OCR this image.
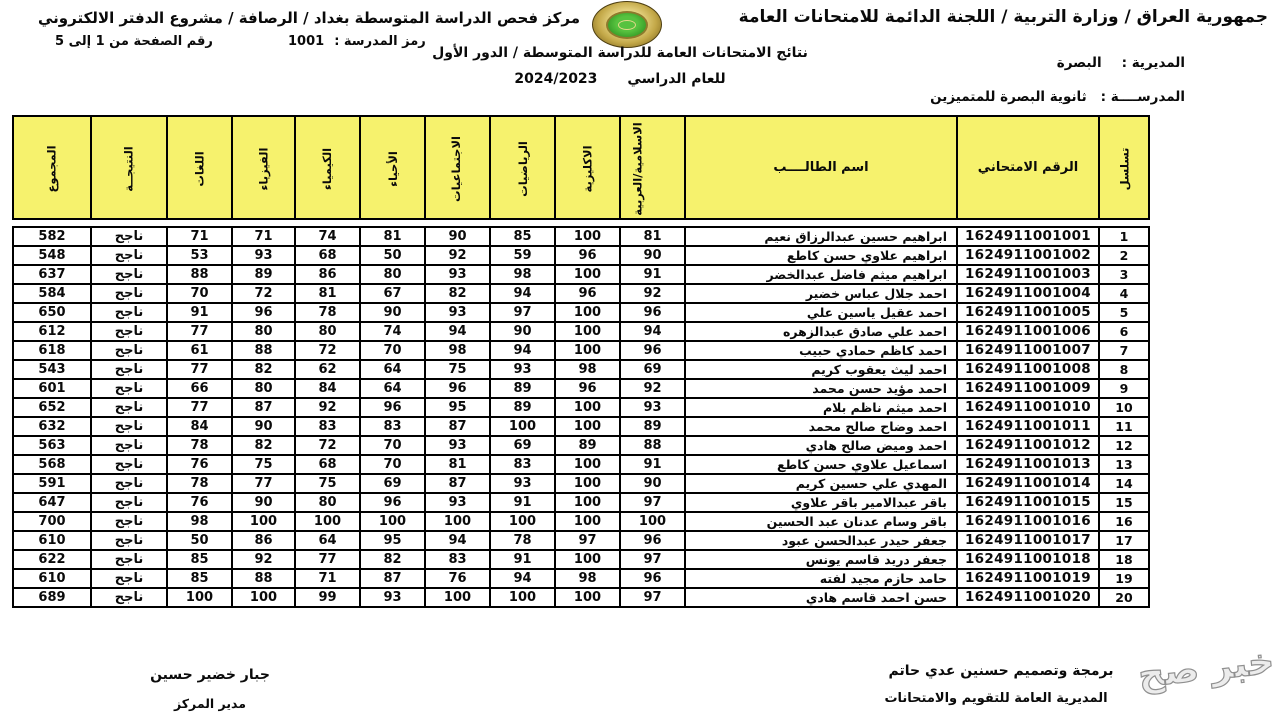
جمهورية العراق / وزارة التربية / اللجنة الدائمة للامتحانات العامة
مركز فحص الدراسة المتوسطة بغداد / الرصافة / مشروع الدفتر الالكتروني
رمز المدرسة :
1001
رقم الصفحة من 1 إلى 5
نتائج الامتحانات العامة للدراسة المتوسطة / الدور الأول
للعام الدراسي
2024/2023
المديرية :
البصرة
المدرســــة :
ثانوية البصرة للمتميزين
تسلسل	الرقم الامتحاني	اسم الطالــــب	الاسلامية/العربية	الاكليزية	الرياضيات	الاجتماعيات	الأحياء	الكيمياء	الفيزياء	اللغات	النتيجــة	المجموع
1	1624911001001	ابراهيم حسين عبدالرزاق نعيم	81	100	85	90	81	74	71	71	ناجح	582
2	1624911001002	ابراهيم علاوي حسن كاطع	90	96	59	92	50	68	93	53	ناجح	548
3	1624911001003	ابراهيم ميثم فاضل عبدالخضر	91	100	98	93	80	86	89	88	ناجح	637
4	1624911001004	احمد جلال عباس خضير	92	96	94	82	67	81	72	70	ناجح	584
5	1624911001005	احمد عقيل ياسين علي	96	100	97	93	90	78	96	91	ناجح	650
6	1624911001006	احمد علي صادق عبدالزهره	94	100	90	94	74	80	80	77	ناجح	612
7	1624911001007	احمد كاظم حمادي حبيب	96	100	94	98	70	72	88	61	ناجح	618
8	1624911001008	احمد ليث يعقوب كريم	69	98	93	75	64	62	82	77	ناجح	543
9	1624911001009	احمد مؤيد حسن محمد	92	96	89	96	64	84	80	66	ناجح	601
10	1624911001010	احمد ميثم ناظم بلام	93	100	89	95	96	92	87	77	ناجح	652
11	1624911001011	احمد وضاح صالح محمد	89	100	100	87	83	83	90	84	ناجح	632
12	1624911001012	احمد وميض صالح هادي	88	89	69	93	70	72	82	78	ناجح	563
13	1624911001013	اسماعيل علاوي حسن كاطع	91	100	83	81	70	68	75	76	ناجح	568
14	1624911001014	المهدي علي حسين كريم	90	100	93	87	69	75	77	78	ناجح	591
15	1624911001015	باقر عبدالامير باقر علاوي	97	100	91	93	96	80	90	76	ناجح	647
16	1624911001016	باقر وسام عدنان عبد الحسين	100	100	100	100	100	100	100	98	ناجح	700
17	1624911001017	جعفر حيدر عبدالحسن عبود	96	97	78	94	95	64	86	50	ناجح	610
18	1624911001018	جعفر دريد قاسم يونس	97	100	91	83	82	77	92	85	ناجح	622
19	1624911001019	حامد حازم مجيد لفته	96	98	94	76	87	71	88	85	ناجح	610
20	1624911001020	حسن احمد قاسم هادي	97	100	100	100	93	99	100	100	ناجح	689
جبار خضير حسين
مدير المركز
برمجة وتصميم حسنين عدي حاتم
المديرية العامة للتقويم والامتحانات
خبر صح
